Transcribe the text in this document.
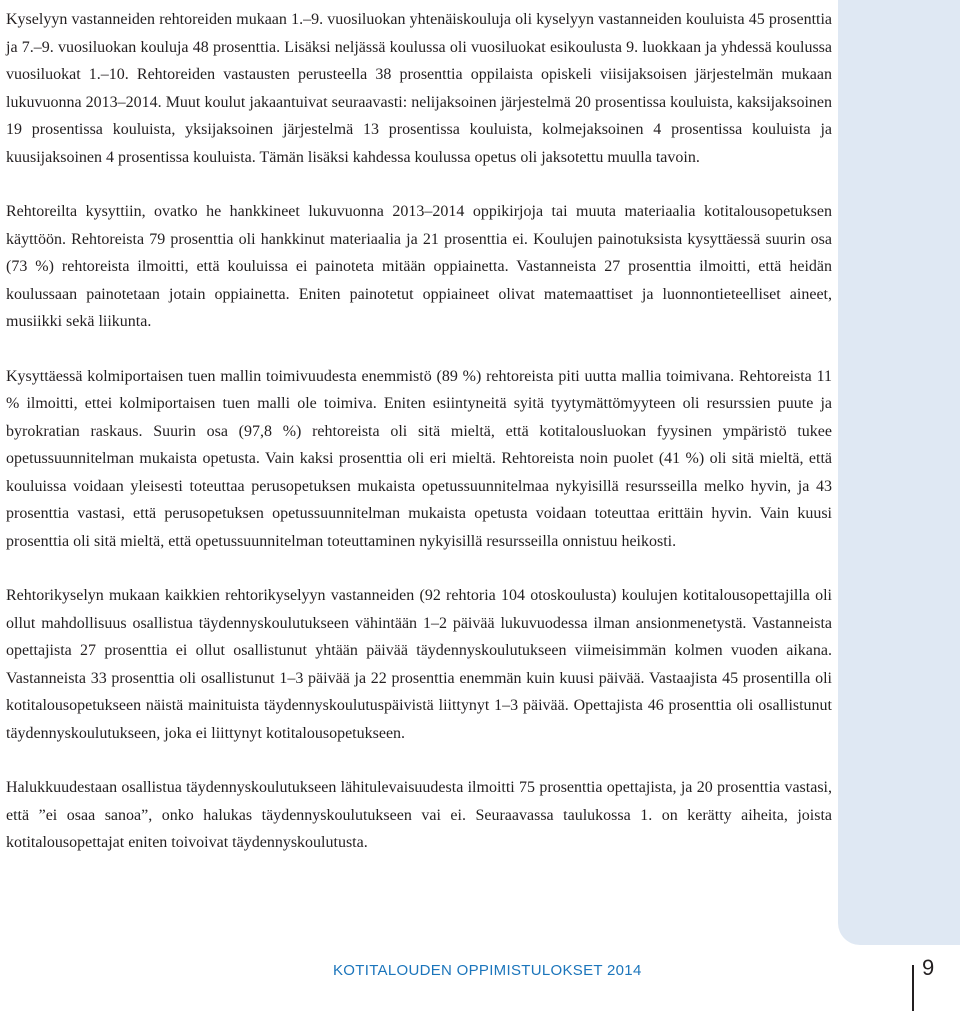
Kyselyyn vastanneiden rehtoreiden mukaan 1.–9. vuosiluokan yhtenäiskouluja oli kyselyyn vastanneiden kouluista 45 prosenttia ja 7.–9. vuosiluokan kouluja 48 prosenttia. Lisäksi neljässä koulussa oli vuosiluokat esikoulusta 9. luokkaan ja yhdessä koulussa vuosiluokat 1.–10. Rehtoreiden vastausten perusteella 38 prosenttia oppilaista opiskeli viisijaksoisen järjestelmän mukaan lukuvuonna 2013–2014. Muut koulut jakaantuivat seuraavasti: nelijaksoinen järjestelmä 20 prosentissa kouluista, kaksijaksoinen 19 prosentissa kouluista, yksijaksoinen järjestelmä 13 prosentissa kouluista, kolmejaksoinen 4 prosentissa kouluista ja kuusijaksoinen 4 prosentissa kouluista. Tämän lisäksi kahdessa koulussa opetus oli jaksotettu muulla tavoin.

Rehtoreilta kysyttiin, ovatko he hankkineet lukuvuonna 2013–2014 oppikirjoja tai muuta materiaalia kotitalousopetuksen käyttöön. Rehtoreista 79 prosenttia oli hankkinut materiaalia ja 21 prosenttia ei. Koulujen painotuksista kysyttäessä suurin osa (73 %) rehtoreista ilmoitti, että kouluissa ei painoteta mitään oppiainetta. Vastanneista 27 prosenttia ilmoitti, että heidän koulussaan painotetaan jotain oppiainetta. Eniten painotetut oppiaineet olivat matemaattiset ja luonnontieteelliset aineet, musiikki sekä liikunta.

Kysyttäessä kolmiportaisen tuen mallin toimivuudesta enemmistö (89 %) rehtoreista piti uutta mallia toimivana. Rehtoreista 11 % ilmoitti, ettei kolmiportaisen tuen malli ole toimiva. Eniten esiintyneitä syitä tyytymättömyyteen oli resurssien puute ja byrokratian raskaus. Suurin osa (97,8 %) rehtoreista oli sitä mieltä, että kotitalousluokan fyysinen ympäristö tukee opetussuunnitelman mukaista opetusta. Vain kaksi prosenttia oli eri mieltä. Rehtoreista noin puolet (41 %) oli sitä mieltä, että kouluissa voidaan yleisesti toteuttaa perusopetuksen mukaista opetussuunnitelmaa nykyisillä resursseilla melko hyvin, ja 43 prosenttia vastasi, että perusopetuksen opetussuunnitelman mukaista opetusta voidaan toteuttaa erittäin hyvin. Vain kuusi prosenttia oli sitä mieltä, että opetussuunnitelman toteuttaminen nykyisillä resursseilla onnistuu heikosti.

Rehtorikyselyn mukaan kaikkien rehtorikyselyyn vastanneiden (92 rehtoria 104 otoskoulusta) koulujen kotitalousopettajilla oli ollut mahdollisuus osallistua täydennyskoulutukseen vähintään 1–2 päivää lukuvuodessa ilman ansionmenetystä. Vastanneista opettajista 27 prosenttia ei ollut osallistunut yhtään päivää täydennyskoulutukseen viimeisimmän kolmen vuoden aikana. Vastanneista 33 prosenttia oli osallistunut 1–3 päivää ja 22 prosenttia enemmän kuin kuusi päivää. Vastaajista 45 prosentilla oli kotitalousopetukseen näistä mainituista täydennyskoulutuspäivistä liittynyt 1–3 päivää. Opettajista 46 prosenttia oli osallistunut täydennyskoulutukseen, joka ei liittynyt kotitalousopetukseen.

Halukkuudestaan osallistua täydennyskoulutukseen lähitulevaisuudesta ilmoitti 75 prosenttia opettajista, ja 20 prosenttia vastasi, että ”ei osaa sanoa”, onko halukas täydennyskoulutukseen vai ei. Seuraavassa taulukossa 1. on kerätty aiheita, joista kotitalousopettajat eniten toivoivat täydennyskoulutusta.

KOTITALOUDEN OPPIMISTULOKSET 2014	9
